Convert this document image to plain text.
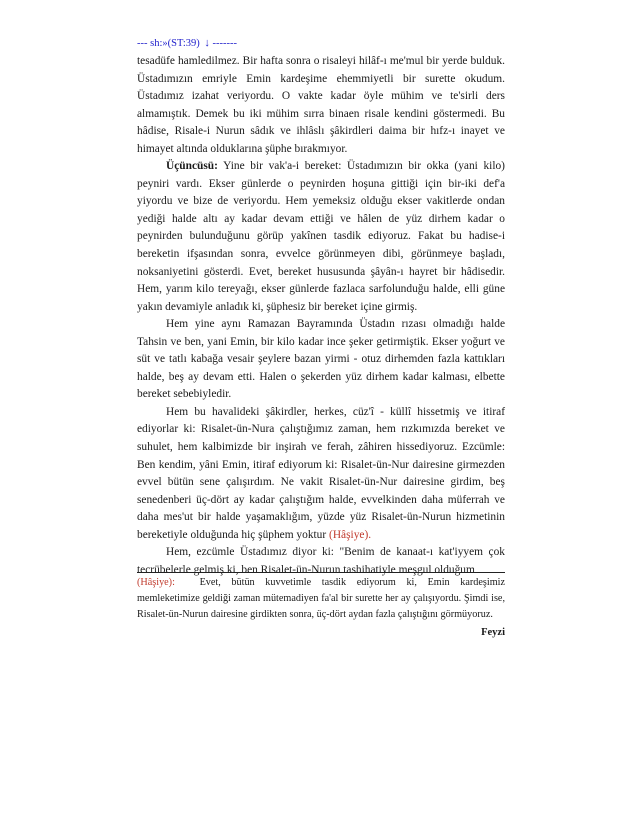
--- sh:»(ST:39) ↓ -------

tesadüfe hamledilmez. Bir hafta sonra o risaleyi hilâf-ı me'mul bir yerde bulduk. Üstadımızın emriyle Emin kardeşime ehemmiyetli bir surette okudum. Üstadımız izahat veriyordu. O vakte kadar öyle mühim ve te'sirli ders almamıştık. Demek bu iki mühim sırra binaen risale kendini göstermedi. Bu hâdise, Risale-i Nurun sâdık ve ihlâslı şâkirdleri daima bir hıfz-ı inayet ve himayet altında olduklarına şüphe bırakmıyor.

Üçüncüsü: Yine bir vak'a-i bereket: Üstadımızın bir okka (yani kilo) peyniri vardı. Ekser günlerde o peynirden hoşuna gittiği için bir-iki def'a yiyordu ve bize de veriyordu. Hem yemeksiz olduğu ekser vakitlerde ondan yediği halde altı ay kadar devam ettiği ve hâlen de yüz dirhem kadar o peynirden bulunduğunu görüp yakînen tasdik ediyoruz. Fakat bu hadise-i bereketin ifşasından sonra, evvelce görünmeyen dibi, görünmeye başladı, noksaniyetini gösterdi. Evet, bereket hususunda şâyân-ı hayret bir hâdisedir. Hem, yarım kilo tereyağı, ekser günlerde fazlaca sarfolunduğu halde, elli güne yakın devamiyle anladık ki, şüphesiz bir bereket içine girmiş.

Hem yine aynı Ramazan Bayramında Üstadın rızası olmadığı halde Tahsin ve ben, yani Emin, bir kilo kadar ince şeker getirmiştik. Ekser yoğurt ve süt ve tatlı kabağa vesair şeylere bazan yirmi - otuz dirhemden fazla kattıkları halde, beş ay devam etti. Halen o şekerden yüz dirhem kadar kalması, elbette bereket sebebiyledir.

Hem bu havalideki şâkirdler, herkes, cüz'î - küllî hissetmiş ve itiraf ediyorlar ki: Risalet-ün-Nura çalıştığımız zaman, hem rızkımızda bereket ve suhulet, hem kalbimizde bir inşirah ve ferah, zâhiren hissediyoruz. Ezcümle: Ben kendim, yâni Emin, itiraf ediyorum ki: Risalet-ün-Nur dairesine girmezden evvel bütün sene çalışırdım. Ne vakit Risalet-ün-Nur dairesine girdim, beş senedenberi üç-dört ay kadar çalıştığım halde, evvelkinden daha müferrah ve daha mes'ut bir halde yaşamaklığım, yüzde yüz Risalet-ün-Nurun hizmetinin bereketiyle olduğunda hiç şüphem yoktur (Hâşiye).

Hem, ezcümle Üstadımız diyor ki: "Benim de kanaat-ı kat'iyyem çok tecrübelerle gelmiş ki, ben Risalet-ün-Nurun tashihatiyle meşgul olduğum

(Hâşiye): Evet, bütün kuvvetimle tasdik ediyorum ki, Emin kardeşimiz memleketimize geldiği zaman mütemadiyen fa'al bir surette her ay çalışıyordu. Şimdi ise, Risalet-ün-Nurun dairesine girdikten sonra, üç-dört aydan fazla çalıştığını görmüyoruz.

Feyzi
